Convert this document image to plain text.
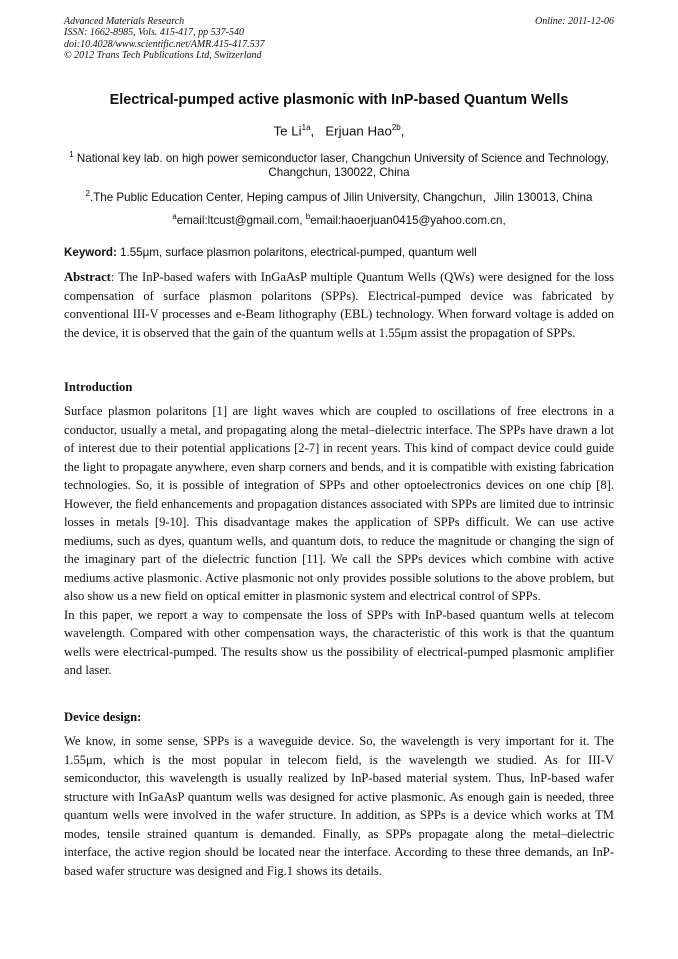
Advanced Materials Research
ISSN: 1662-8985, Vols. 415-417, pp 537-540
doi:10.4028/www.scientific.net/AMR.415-417.537
© 2012 Trans Tech Publications Ltd, Switzerland
Online: 2011-12-06
Electrical-pumped active plasmonic with InP-based Quantum Wells
Te $Li^{1a}$,   Erjuan Hao$^{2b}$,
$^1$ National key lab. on high power semiconductor laser, Changchun University of Science and Technology, Changchun, 130022, China
$^2$.The Public Education Center, Heping campus of Jilin University, Changchun，Jilin 130013, China
$^a$email:ltcust@gmail.com, $^b$email:haoerjuan0415@yahoo.com.cn,
Keyword: 1.55μm, surface plasmon polaritons, electrical-pumped, quantum well

Abstract: The InP-based wafers with InGaAsP multiple Quantum Wells (QWs) were designed for the loss compensation of surface plasmon polaritons (SPPs). Electrical-pumped device was fabricated by conventional III-V processes and e-Beam lithography (EBL) technology. When forward voltage is added on the device, it is observed that the gain of the quantum wells at 1.55μm assist the propagation of SPPs.

Introduction

Surface plasmon polaritons [1] are light waves which are coupled to oscillations of free electrons in a conductor, usually a metal, and propagating along the metal–dielectric interface. The SPPs have drawn a lot of interest due to their potential applications [2-7] in recent years. This kind of compact device could guide the light to propagate anywhere, even sharp corners and bends, and it is compatible with existing fabrication technologies. So, it is possible of integration of SPPs and other optoelectronics devices on one chip [8]. However, the field enhancements and propagation distances associated with SPPs are limited due to intrinsic losses in metals [9-10]. This disadvantage makes the application of SPPs difficult. We can use active mediums, such as dyes, quantum wells, and quantum dots, to reduce the magnitude or changing the sign of the imaginary part of the dielectric function [11]. We call the SPPs devices which combine with active mediums active plasmonic. Active plasmonic not only provides possible solutions to the above problem, but also show us a new field on optical emitter in plasmonic system and electrical control of SPPs.

In this paper, we report a way to compensate the loss of SPPs with InP-based quantum wells at telecom wavelength. Compared with other compensation ways, the characteristic of this work is that the quantum wells were electrical-pumped. The results show us the possibility of electrical-pumped plasmonic amplifier and laser.

Device design:

We know, in some sense, SPPs is a waveguide device. So, the wavelength is very important for it. The 1.55μm, which is the most popular in telecom field, is the wavelength we studied. As for III-V semiconductor, this wavelength is usually realized by InP-based material system. Thus, InP-based wafer structure with InGaAsP quantum wells was designed for active plasmonic. As enough gain is needed, three quantum wells were involved in the wafer structure. In addition, as SPPs is a device which works at TM modes, tensile strained quantum is demanded. Finally, as SPPs propagate along the metal–dielectric interface, the active region should be located near the interface. According to these three demands, an InP-based wafer structure was designed and Fig.1 shows its details.
